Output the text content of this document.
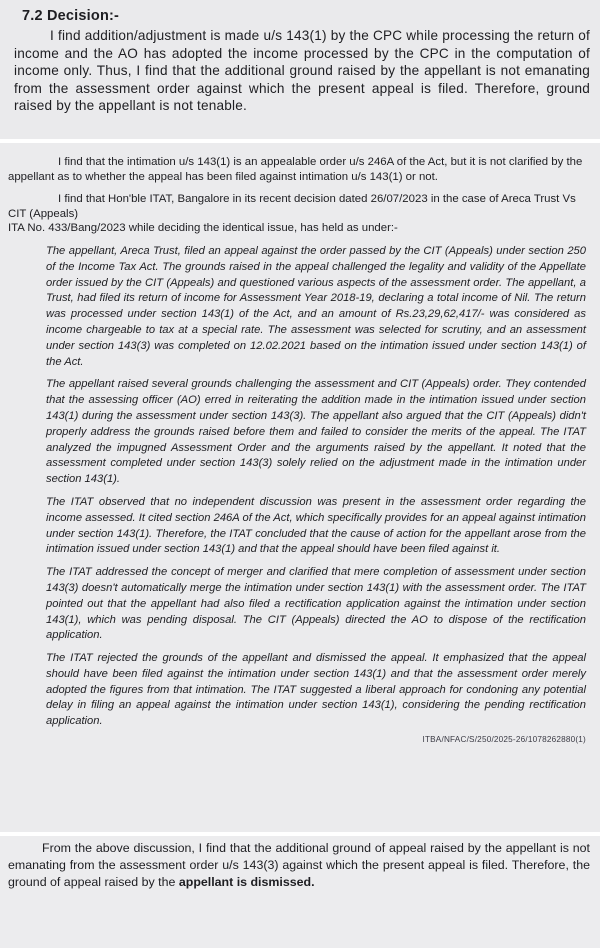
7.2 Decision:-
I find addition/adjustment is made u/s 143(1) by the CPC while processing the return of income and the AO has adopted the income processed by the CPC in the computation of income only. Thus, I find that the additional ground raised by the appellant is not emanating from the assessment order against which the present appeal is filed. Therefore, ground raised by the appellant is not tenable.
I find that the intimation u/s 143(1) is an appealable order u/s 246A of the Act, but it is not clarified by the appellant as to whether the appeal has been filed against intimation u/s 143(1) or not.
I find that Hon'ble ITAT, Bangalore in its recent decision dated 26/07/2023 in the case of Areca Trust Vs CIT (Appeals)
ITA No. 433/Bang/2023 while deciding the identical issue, has held as under:-
The appellant, Areca Trust, filed an appeal against the order passed by the CIT (Appeals) under section 250 of the Income Tax Act. The grounds raised in the appeal challenged the legality and validity of the Appellate order issued by the CIT (Appeals) and questioned various aspects of the assessment order. The appellant, a Trust, had filed its return of income for Assessment Year 2018-19, declaring a total income of Nil. The return was processed under section 143(1) of the Act, and an amount of Rs.23,29,62,417/- was considered as income chargeable to tax at a special rate. The assessment was selected for scrutiny, and an assessment under section 143(3) was completed on 12.02.2021 based on the intimation issued under section 143(1) of the Act.
The appellant raised several grounds challenging the assessment and CIT (Appeals) order. They contended that the assessing officer (AO) erred in reiterating the addition made in the intimation issued under section 143(1) during the assessment under section 143(3). The appellant also argued that the CIT (Appeals) didn't properly address the grounds raised before them and failed to consider the merits of the appeal. The ITAT analyzed the impugned Assessment Order and the arguments raised by the appellant. It noted that the assessment completed under section 143(3) solely relied on the adjustment made in the intimation under section 143(1).
The ITAT observed that no independent discussion was present in the assessment order regarding the income assessed. It cited section 246A of the Act, which specifically provides for an appeal against intimation under section 143(1). Therefore, the ITAT concluded that the cause of action for the appellant arose from the intimation issued under section 143(1) and that the appeal should have been filed against it.
The ITAT addressed the concept of merger and clarified that mere completion of assessment under section 143(3) doesn't automatically merge the intimation under section 143(1) with the assessment order. The ITAT pointed out that the appellant had also filed a rectification application against the intimation under section 143(1), which was pending disposal. The CIT (Appeals) directed the AO to dispose of the rectification application.
The ITAT rejected the grounds of the appellant and dismissed the appeal. It emphasized that the appeal should have been filed against the intimation under section 143(1) and that the assessment order merely adopted the figures from that intimation. The ITAT suggested a liberal approach for condoning any potential delay in filing an appeal against the intimation under section 143(1), considering the pending rectification application.
ITBA/NFAC/S/250/2025-26/1078262880(1)

From the above discussion, I find that the additional ground of appeal raised by the appellant is not emanating from the assessment order u/s 143(3) against which the present appeal is filed. Therefore, the ground of appeal raised by the appellant is dismissed.
